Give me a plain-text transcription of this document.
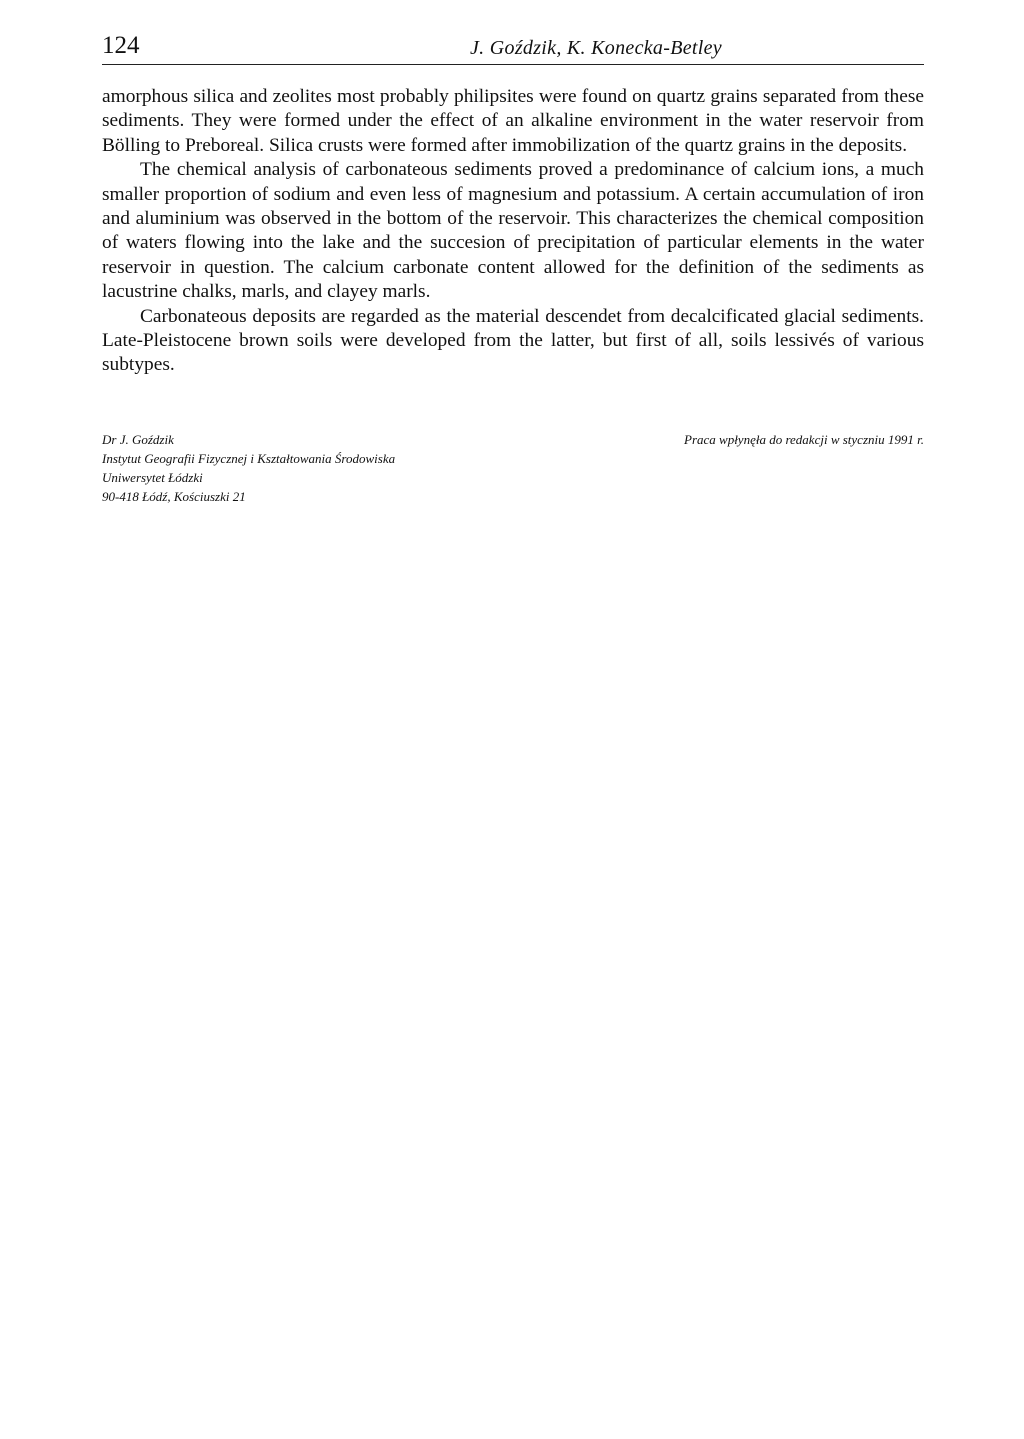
124	J. Goździk, K. Konecka-Betley

amorphous silica and zeolites most probably philipsites were found on quartz grains separated from these sediments. They were formed under the effect of an alkaline environment in the water reservoir from Bölling to Preboreal. Silica crusts were formed after immobilization of the quartz grains in the deposits.

The chemical analysis of carbonateous sediments proved a predominance of calcium ions, a much smaller proportion of sodium and even less of magnesium and potassium. A certain accumulation of iron and aluminium was observed in the bottom of the reservoir. This characterizes the chemical composition of waters flowing into the lake and the succesion of precipitation of particular elements in the water reservoir in question. The calcium carbonate content allowed for the definition of the sediments as lacustrine chalks, marls, and clayey marls.

Carbonateous deposits are regarded as the material descendet from decalcificated glacial sediments. Late-Pleistocene brown soils were developed from the latter, but first of all, soils lessivés of various subtypes.

Dr J. Goździk
Instytut Geografii Fizycznej i Kształtowania Środowiska
Uniwersytet Łódzki
90-418 Łódź, Kościuszki 21
Praca wpłynęła do redakcji w styczniu 1991 r.
